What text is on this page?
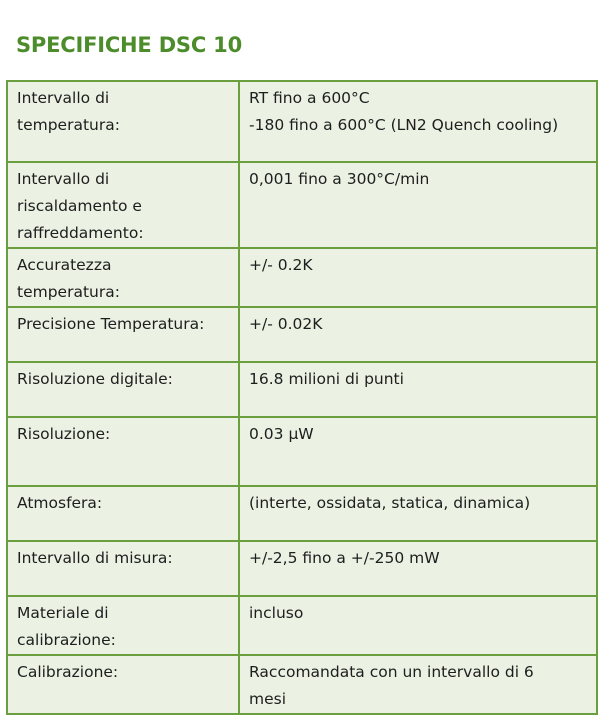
SPECIFICHE DSC 10
Intervallo di
temperatura:	RT fino a 600°C
-180 fino a 600°C (LN2 Quench cooling)
Intervallo di
riscaldamento e
raffreddamento:	0,001 fino a 300°C/min
Accuratezza
temperatura:	+/- 0.2K
Precisione Temperatura:	+/- 0.02K
Risoluzione digitale:	16.8 milioni di punti
Risoluzione:	0.03 µW
Atmosfera:	(interte, ossidata, statica, dinamica)
Intervallo di misura:	+/-2,5 fino a +/-250 mW
Materiale di
calibrazione:	incluso
Calibrazione:	Raccomandata con un intervallo di 6
mesi
